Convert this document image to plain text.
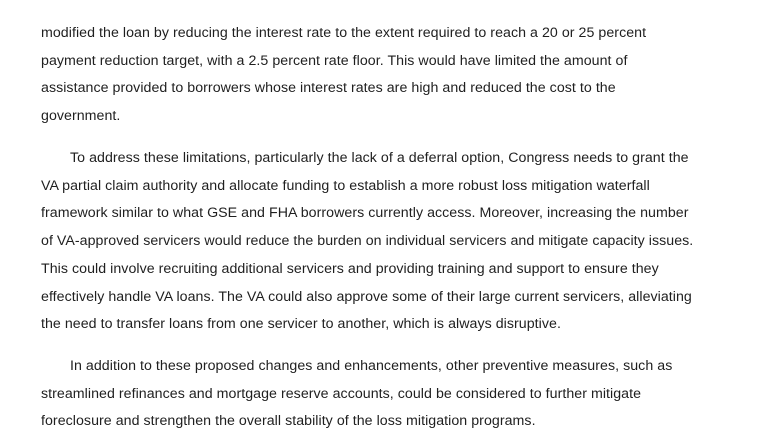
modified the loan by reducing the interest rate to the extent required to reach a 20 or 25 percent
payment reduction target, with a 2.5 percent rate floor. This would have limited the amount of
assistance provided to borrowers whose interest rates are high and reduced the cost to the
government.
To address these limitations, particularly the lack of a deferral option, Congress needs to grant the
VA partial claim authority and allocate funding to establish a more robust loss mitigation waterfall
framework similar to what GSE and FHA borrowers currently access. Moreover, increasing the number
of VA-approved servicers would reduce the burden on individual servicers and mitigate capacity issues.
This could involve recruiting additional servicers and providing training and support to ensure they
effectively handle VA loans. The VA could also approve some of their large current servicers, alleviating
the need to transfer loans from one servicer to another, which is always disruptive.
In addition to these proposed changes and enhancements, other preventive measures, such as
streamlined refinances and mortgage reserve accounts, could be considered to further mitigate
foreclosure and strengthen the overall stability of the loss mitigation programs.
